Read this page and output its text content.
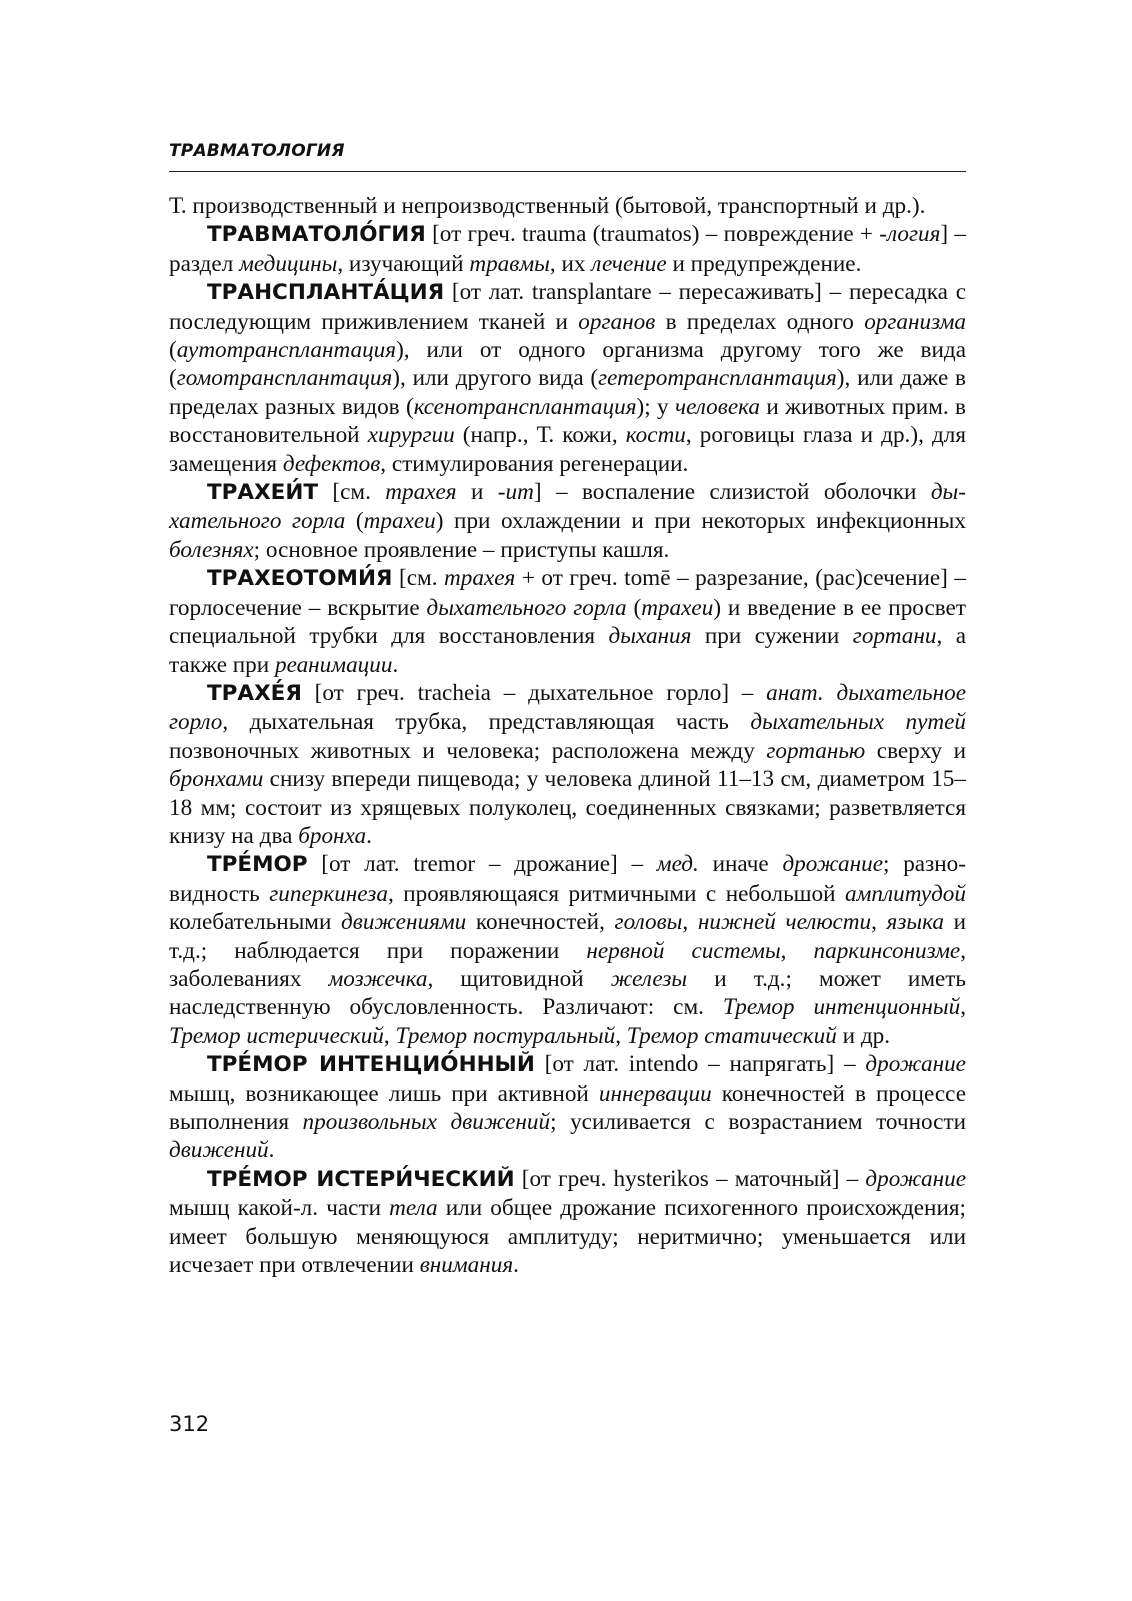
ТРАВМАТОЛОГИЯ

Т. производственный и непроизводственный (бытовой, транспортный и др.).

ТРАВМАТОЛО́ГИЯ [от греч. trauma (traumatos) – повреждение + -логия] – раздел медицины, изучающий травмы, их лечение и предупреждение.

ТРАНСПЛАНТА́ЦИЯ [от лат. transplantare – пересаживать] – пересадка с последующим приживлением тканей и органов в пределах одного организма (аутотрансплантация), или от одного организма другому того же вида (гомотрансплантация), или другого вида (гетеротрансплантация), или даже в пределах разных видов (ксенотрансплантация); у человека и животных прим. в восстановительной хирургии (напр., Т. кожи, кости, роговицы глаза и др.), для замещения дефектов, стимулирования регенерации.

ТРАХЕИ́Т [см. трахея и -ит] – воспаление слизистой оболочки дыхательного горла (трахеи) при охлаждении и при некоторых инфекционных болезнях; основное проявление – приступы кашля.

ТРАХЕОТОМИ́Я [см. трахея + от греч. tomē – разрезание, (рас)сечение] – горлосечение – вскрытие дыхательного горла (трахеи) и введение в ее просвет специальной трубки для восстановления дыхания при сужении гортани, а также при реанимации.

ТРАХЕ́Я [от греч. tracheia – дыхательное горло] – анат. дыхательное горло, дыхательная трубка, представляющая часть дыхательных путей позвоночных животных и человека; расположена между гортанью сверху и бронхами снизу впереди пищевода; у человека длиной 11–13 см, диаметром 15–18 мм; состоит из хрящевых полуколец, соединенных связками; разветвляется книзу на два бронха.

ТРЕ́МОР [от лат. tremor – дрожание] – мед. иначе дрожание; разновидность гиперкинеза, проявляющаяся ритмичными с небольшой амплитудой колебательными движениями конечностей, головы, нижней челюсти, языка и т.д.; наблюдается при поражении нервной системы, паркинсонизме, заболеваниях мозжечка, щитовидной железы и т.д.; может иметь наследственную обусловленность. Различают: см. Тремор интенционный, Тремор истерический, Тремор постуральный, Тремор статический и др.

ТРЕ́МОР ИНТЕНЦИО́ННЫЙ [от лат. intendo – напрягать] – дрожание мышц, возникающее лишь при активной иннервации конечностей в процессе выполнения произвольных движений; усиливается с возрастанием точности движений.

ТРЕ́МОР ИСТЕРИ́ЧЕСКИЙ [от греч. hysterikos – маточный] – дрожание мышц какой-л. части тела или общее дрожание психогенного происхождения; имеет большую меняющуюся амплитуду; неритмично; уменьшается или исчезает при отвлечении внимания.

312
